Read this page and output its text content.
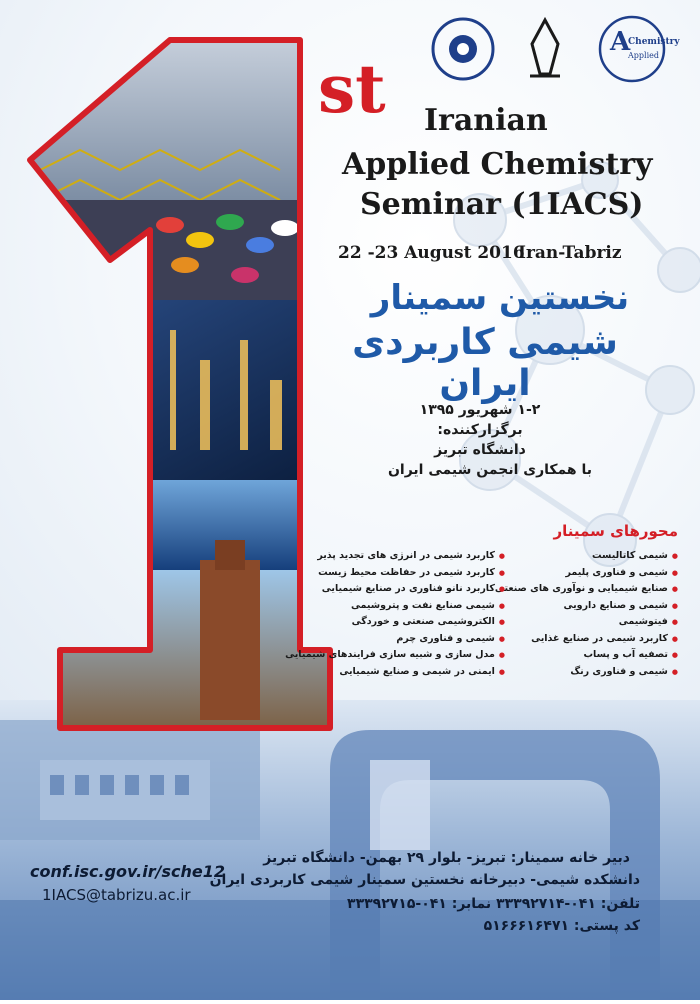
A
Chemistry
Applied
st Iranian
Applied Chemistry
Seminar (1IACS)
22 -23 August 2016
Iran-Tabriz
نخستین سمینار
شیمی کاربردی ایران
۱-۲ شهریور ۱۳۹۵
برگزارکننده:
دانشگاه تبریز
با همکاری انجمن شیمی ایران
محورهای سمینار
● شیمی کاتالیست
● شیمی و فناوری پلیمر
● صنایع شیمیایی و نوآوری های صنعتی
● شیمی و صنایع دارویی
● فیتوشیمی
● کاربرد شیمی در صنایع غذایی
● تصفیه آب و پساب
● شیمی و فناوری رنگ
● کاربرد شیمی در انرژی های تجدید پذیر
● کاربرد شیمی در حفاظت محیط زیست
● کاربرد نانو فناوری در صنایع شیمیایی
● شیمی صنایع نفت و پتروشیمی
● الکتروشیمی صنعتی و خوردگی
● شیمی و فناوری چرم
● مدل سازی و شبیه سازی فرایندهای شیمیایی
● ایمنی در شیمی و صنایع شیمیایی
دبیر خانه سمینار: تبریز- بلوار ۲۹ بهمن- دانشگاه تبریز
دانشکده شیمی- دبیرخانه نخستین سمینار شیمی کاربردی ایران
تلفن: ۰۴۱-۳۳۳۹۲۷۱۴ نمابر: ۰۴۱-۳۳۳۹۲۷۱۵
کد پستی: ۵۱۶۶۶۱۶۴۷۱
conf.isc.gov.ir/sche12
1IACS@tabrizu.ac.ir
